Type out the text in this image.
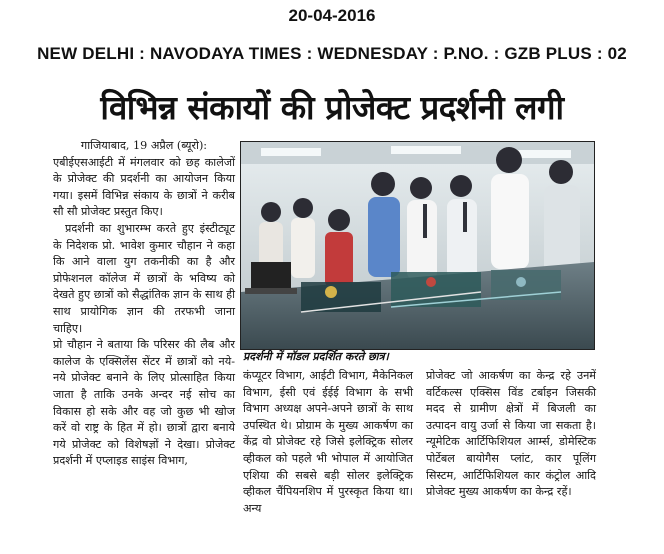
20-04-2016
NEW DELHI : NAVODAYA TIMES : WEDNESDAY : P.NO. : GZB PLUS : 02
विभिन्न संकायों की प्रोजेक्ट प्रदर्शनी लगी

गाजियाबाद, 19 अप्रैल (ब्यूरो):

एबीईएसआईटी में मंगलवार को छह कालेजों के प्रोजेक्ट की प्रदर्शनी का आयोजन किया गया। इसमें विभिन्न संकाय के छात्रों ने करीब सौ सौ प्रोजेक्ट प्रस्तुत किए।

प्रदर्शनी का शुभारम्भ करते हुए इंस्टीट्यूट के निदेशक प्रो. भावेश कुमार चौहान ने कहा कि आने वाला युग तकनीकी का है और प्रोफेशनल कॉलेज में छात्रों के भविष्य को देखते हुए छात्रों को सैद्धांतिक ज्ञान के साथ ही साथ प्रायोगिक ज्ञान की तरफभी जाना चाहिए।

प्रो चौहान ने बताया कि परिसर की लैब और कालेज के एक्सिलेंस सेंटर में छात्रों को नये-नये प्रोजेक्ट बनाने के लिए प्रोत्साहित किया जाता है ताकि उनके अन्दर नई सोच का विकास हो सके और वह जो कुछ भी खोज करें वो राष्ट्र के हित में हो। छात्रों द्वारा बनाये गये प्रोजेक्ट को विशेषज्ञों ने देखा। प्रोजेक्ट प्रदर्शनी में एप्लाइड साइंस विभाग,

प्रदर्शनी में मॉडल प्रदर्शित करते छात्र।

कंप्यूटर विभाग, आईटी विभाग, मैकेनिकल विभाग, ईसी एवं ईईई विभाग के सभी विभाग अध्यक्ष अपने-अपने छात्रों के साथ उपस्थित थे। प्रोग्राम के मुख्य आकर्षण का केंद्र वो प्रोजेक्ट रहे जिसे इलेक्ट्रिक सोलर व्हीकल को पहले भी भोपाल में आयोजित एशिया की सबसे बड़ी सोलर इलेक्ट्रिक व्हीकल चैंपियनशिप में पुरस्कृत किया था। अन्य

प्रोजेक्ट जो आकर्षण का केन्द्र रहे उनमें वर्टिकल्स एक्सिस विंड टर्बाइन जिसकी मदद से ग्रामीण क्षेत्रों में बिजली का उत्पादन वायु उर्जा से किया जा सकता है। न्यूमेटिक आर्टिफिशियल आर्म्स, डोमेस्टिक पोर्टेबल बायोगैस प्लांट, कार पूलिंग सिस्टम, आर्टिफिशियल कार कंट्रोल आदि प्रोजेक्ट मुख्य आकर्षण का केन्द्र रहें।
